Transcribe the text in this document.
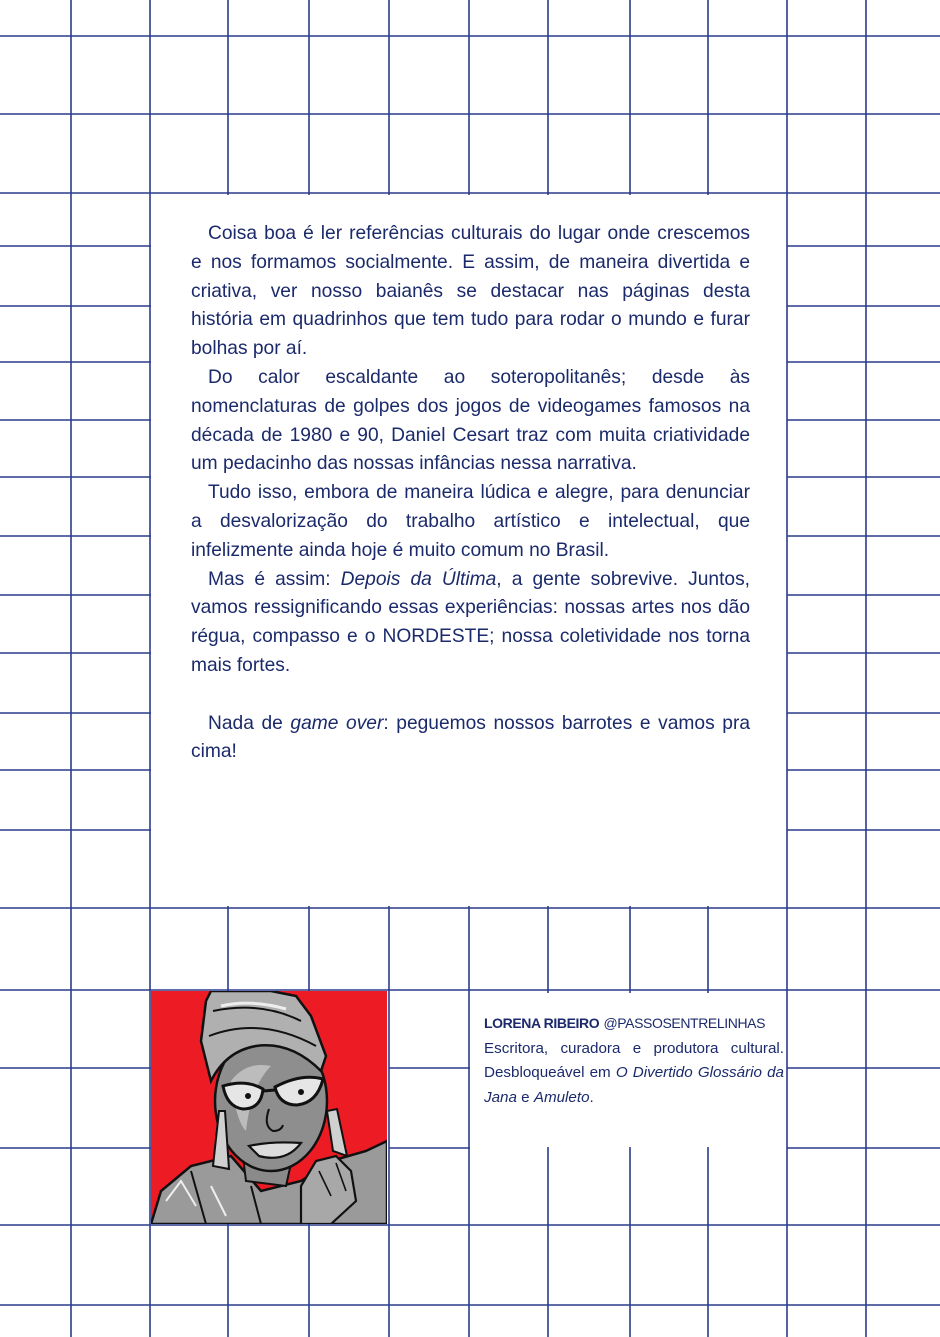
Coisa boa é ler referências culturais do lugar onde crescemos e nos formamos socialmente. E assim, de maneira divertida e criativa, ver nosso baianês se destacar nas páginas desta história em quadrinhos que tem tudo para rodar o mundo e furar bolhas por aí.

Do calor escaldante ao soteropolitanês; desde às nomenclaturas de golpes dos jogos de videogames famosos na década de 1980 e 90, Daniel Cesart traz com muita criatividade um pedacinho das nossas infâncias nessa narrativa.

Tudo isso, embora de maneira lúdica e alegre, para denunciar a desvalorização do trabalho artístico e intelectual, que infelizmente ainda hoje é muito comum no Brasil.

Mas é assim: Depois da Última, a gente sobrevive. Juntos, vamos ressignificando essas experiências: nossas artes nos dão régua, compasso e o NORDESTE; nossa coletividade nos torna mais fortes.

Nada de game over: peguemos nossos barrotes e vamos pra cima!

LORENA RIBEIRO @PASSOSENTRELINHAS
Escritora, curadora e produtora cultural. Desbloqueável em O Divertido Glossário da Jana e Amuleto.
